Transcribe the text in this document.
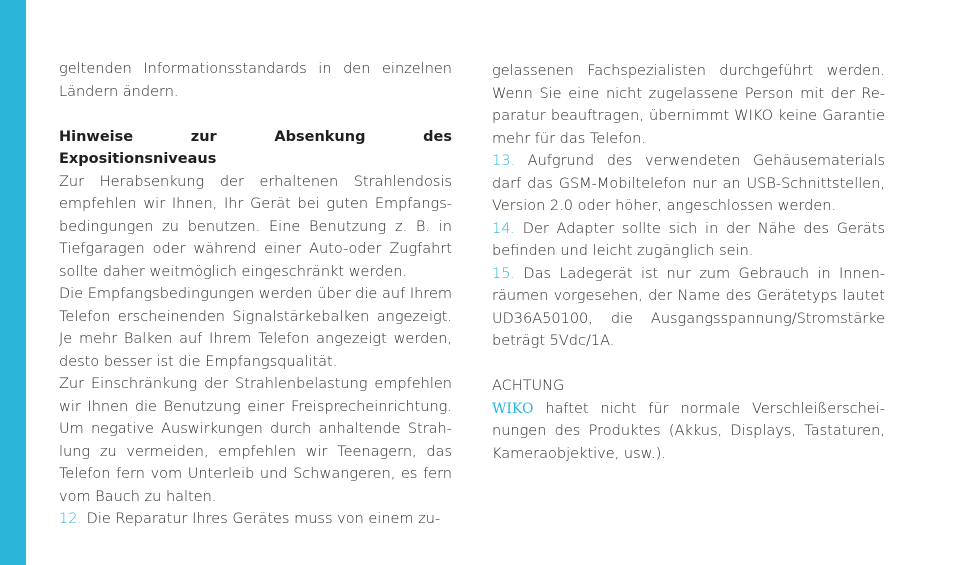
geltenden Informationsstandards in den einzelnen Ländern ändern.

Hinweise zur Absenkung des Expositionsniveaus

Zur Herabsenkung der erhaltenen Strahlendosis empfehlen wir Ihnen, Ihr Gerät bei guten Empfangsbedingungen zu benutzen. Eine Benutzung z. B. in Tiefgaragen oder während einer Auto-oder Zugfahrt sollte daher weitmöglich eingeschränkt werden.

Die Empfangsbedingungen werden über die auf Ihrem Telefon erscheinenden Signalstärkebalken angezeigt. Je mehr Balken auf Ihrem Telefon angezeigt werden, desto besser ist die Empfangsqualität.

Zur Einschränkung der Strahlenbelastung empfehlen wir Ihnen die Benutzung einer Freisprecheinrichtung. Um negative Auswirkungen durch anhaltende Strahlung zu vermeiden, empfehlen wir Teenagern, das Telefon fern vom Unterleib und Schwangeren, es fern vom Bauch zu halten.

12. Die Reparatur Ihres Gerätes muss von einem zu-

gelassenen Fachspezialisten durchgeführt werden. Wenn Sie eine nicht zugelassene Person mit der Reparatur beauftragen, übernimmt WIKO keine Garantie mehr für das Telefon.

13. Aufgrund des verwendeten Gehäusematerials darf das GSM-Mobiltelefon nur an USB-Schnittstellen, Version 2.0 oder höher, angeschlossen werden.

14. Der Adapter sollte sich in der Nähe des Geräts befinden und leicht zugänglich sein.

15. Das Ladegerät ist nur zum Gebrauch in Innenräumen vorgesehen, der Name des Gerätetyps lautet UD36A50100, die Ausgangsspannung/Stromstärke beträgt 5Vdc/1A.

ACHTUNG

WIKO haftet nicht für normale Verschleißerscheinungen des Produktes (Akkus, Displays, Tastaturen, Kameraobjektive, usw.).
